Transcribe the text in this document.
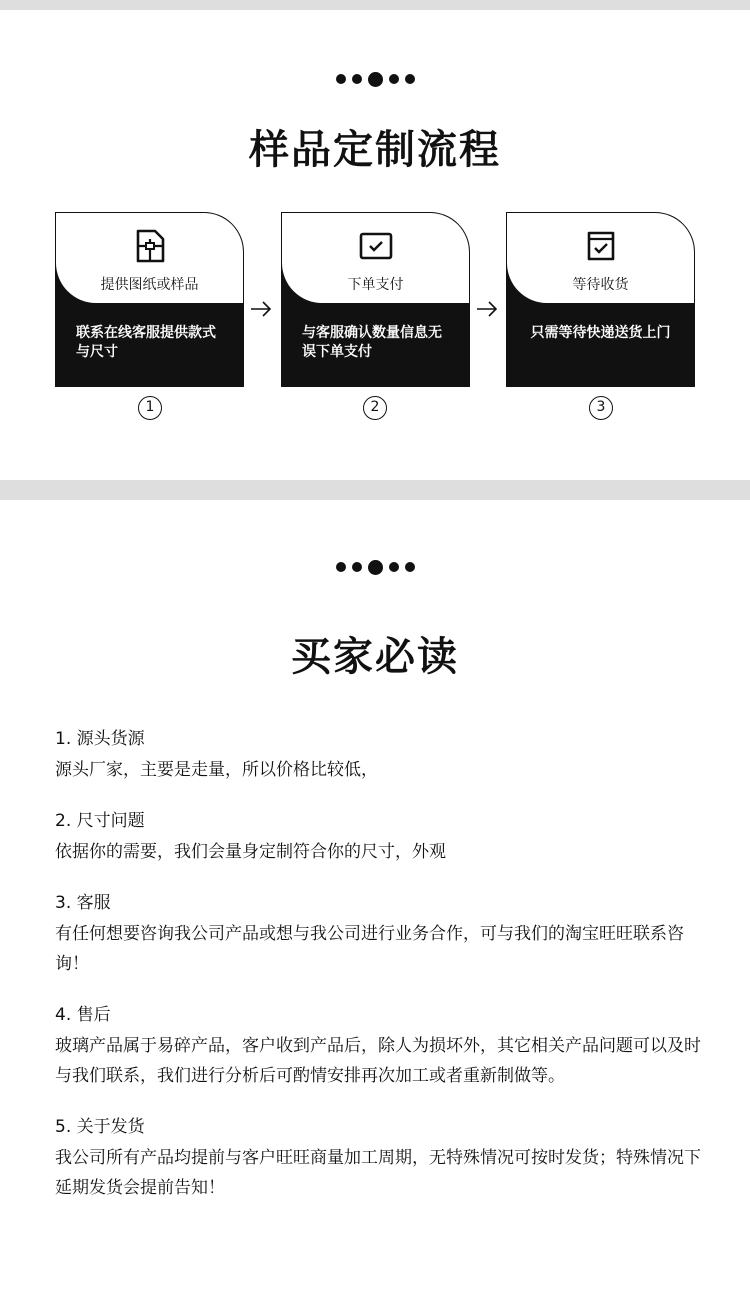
样品定制流程
提供图纸或样品
联系在线客服提供款式与尺寸
下单支付
与客服确认数量信息无误下单支付
等待收货
只需等待快递送货上门
1	2	3
买家必读
1. 源头货源
源头厂家，主要是走量，所以价格比较低，
2. 尺寸问题
依据你的需要，我们会量身定制符合你的尺寸，外观
3. 客服
有任何想要咨询我公司产品或想与我公司进行业务合作，可与我们的淘宝旺旺联系咨询！
4. 售后
玻璃产品属于易碎产品，客户收到产品后，除人为损坏外，其它相关产品问题可以及时与我们联系，我们进行分析后可酌情安排再次加工或者重新制做等。
5. 关于发货
我公司所有产品均提前与客户旺旺商量加工周期，无特殊情况可按时发货；特殊情况下延期发货会提前告知！
